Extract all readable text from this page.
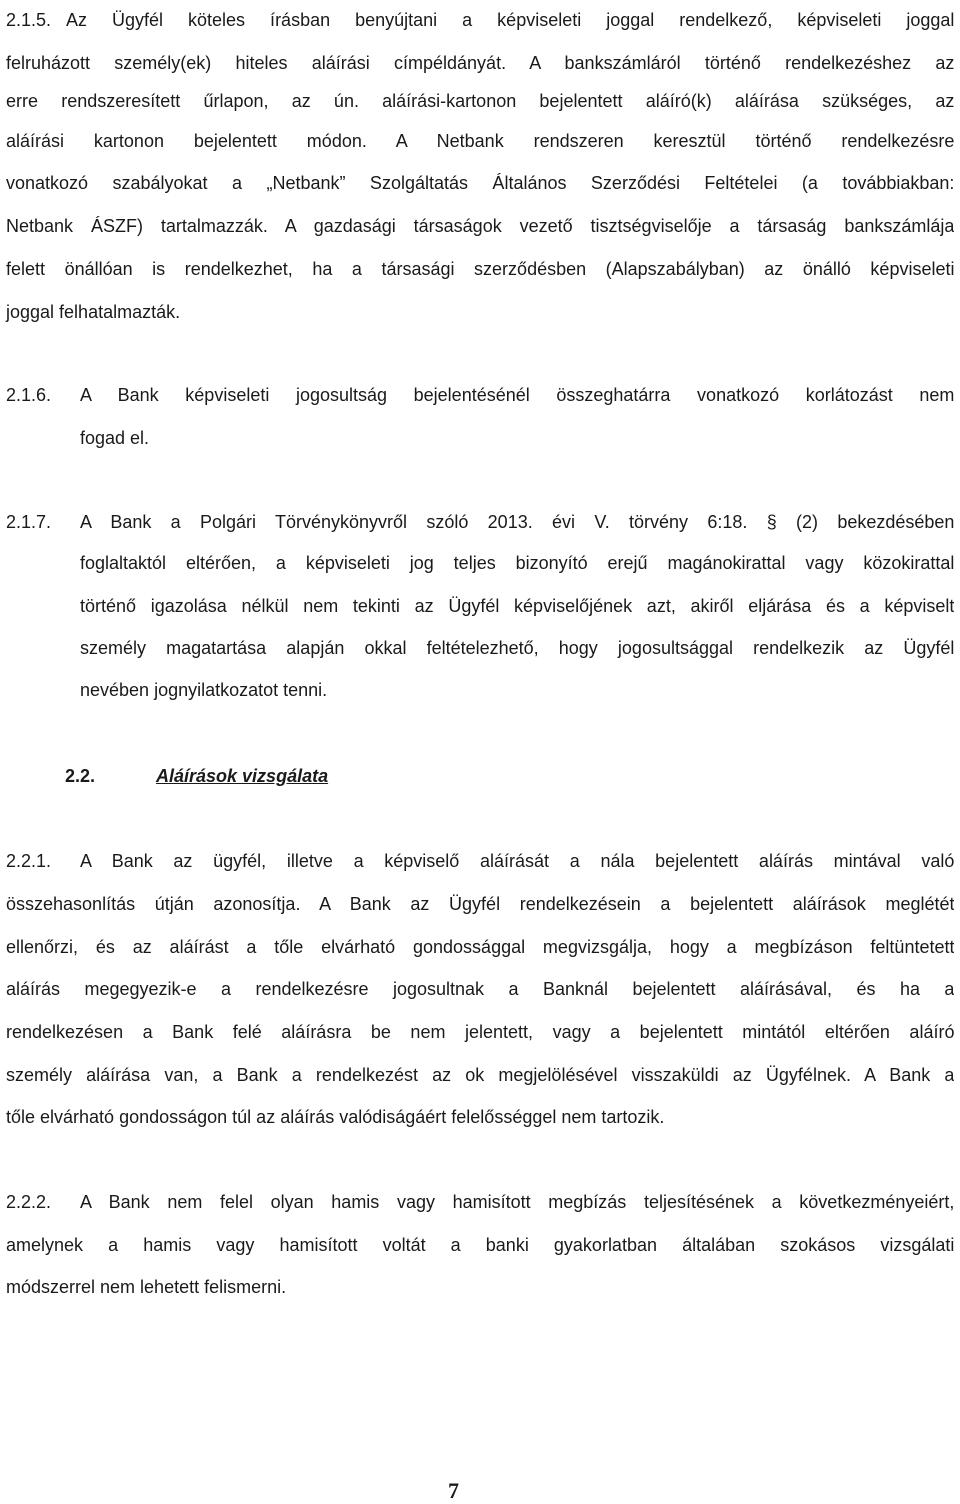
2.1.5. Az Ügyfél köteles írásban benyújtani a képviseleti joggal rendelkező, képviseleti joggal
felruházott személy(ek) hiteles aláírási címpéldányát. A bankszámláról történő rendelkezéshez az
erre rendszeresített űrlapon, az ún. aláírási-kartonon bejelentett aláíró(k) aláírása szükséges, az
aláírási kartonon bejelentett módon. A Netbank rendszeren keresztül történő rendelkezésre
vonatkozó szabályokat a „Netbank” Szolgáltatás Általános Szerződési Feltételei (a továbbiakban:
Netbank ÁSZF) tartalmazzák. A gazdasági társaságok vezető tisztségviselője a társaság bankszámlája
felett önállóan is rendelkezhet, ha a társasági szerződésben (Alapszabályban) az önálló képviseleti
joggal felhatalmazták.
2.1.6. A Bank képviseleti jogosultság bejelentésénél összeghatárra vonatkozó korlátozást nem
fogad el.
2.1.7. A Bank a Polgári Törvénykönyvről szóló 2013. évi V. törvény 6:18. § (2) bekezdésében
foglaltaktól eltérően, a képviseleti jog teljes bizonyító erejű magánokirattal vagy közokirattal
történő igazolása nélkül nem tekinti az Ügyfél képviselőjének azt, akiről eljárása és a képviselt
személy magatartása alapján okkal feltételezhető, hogy jogosultsággal rendelkezik az Ügyfél
nevében jognyilatkozatot tenni.
2.2.	Aláírások vizsgálata
2.2.1. A Bank az ügyfél, illetve a képviselő aláírását a nála bejelentett aláírás mintával való
összehasonlítás útján azonosítja. A Bank az Ügyfél rendelkezésein a bejelentett aláírások meglétét
ellenőrzi, és az aláírást a tőle elvárható gondossággal megvizsgálja, hogy a megbízáson feltüntetett
aláírás megegyezik-e a rendelkezésre jogosultnak a Banknál bejelentett aláírásával, és ha a
rendelkezésen a Bank felé aláírásra be nem jelentett, vagy a bejelentett mintától eltérően aláíró
személy aláírása van, a Bank a rendelkezést az ok megjelölésével visszaküldi az Ügyfélnek. A Bank a
tőle elvárható gondosságon túl az aláírás valódiságáért felelősséggel nem tartozik.
2.2.2. A Bank nem felel olyan hamis vagy hamisított megbízás teljesítésének a következményeiért,
amelynek a hamis vagy hamisított voltát a banki gyakorlatban általában szokásos vizsgálati
módszerrel nem lehetett felismerni.
7
